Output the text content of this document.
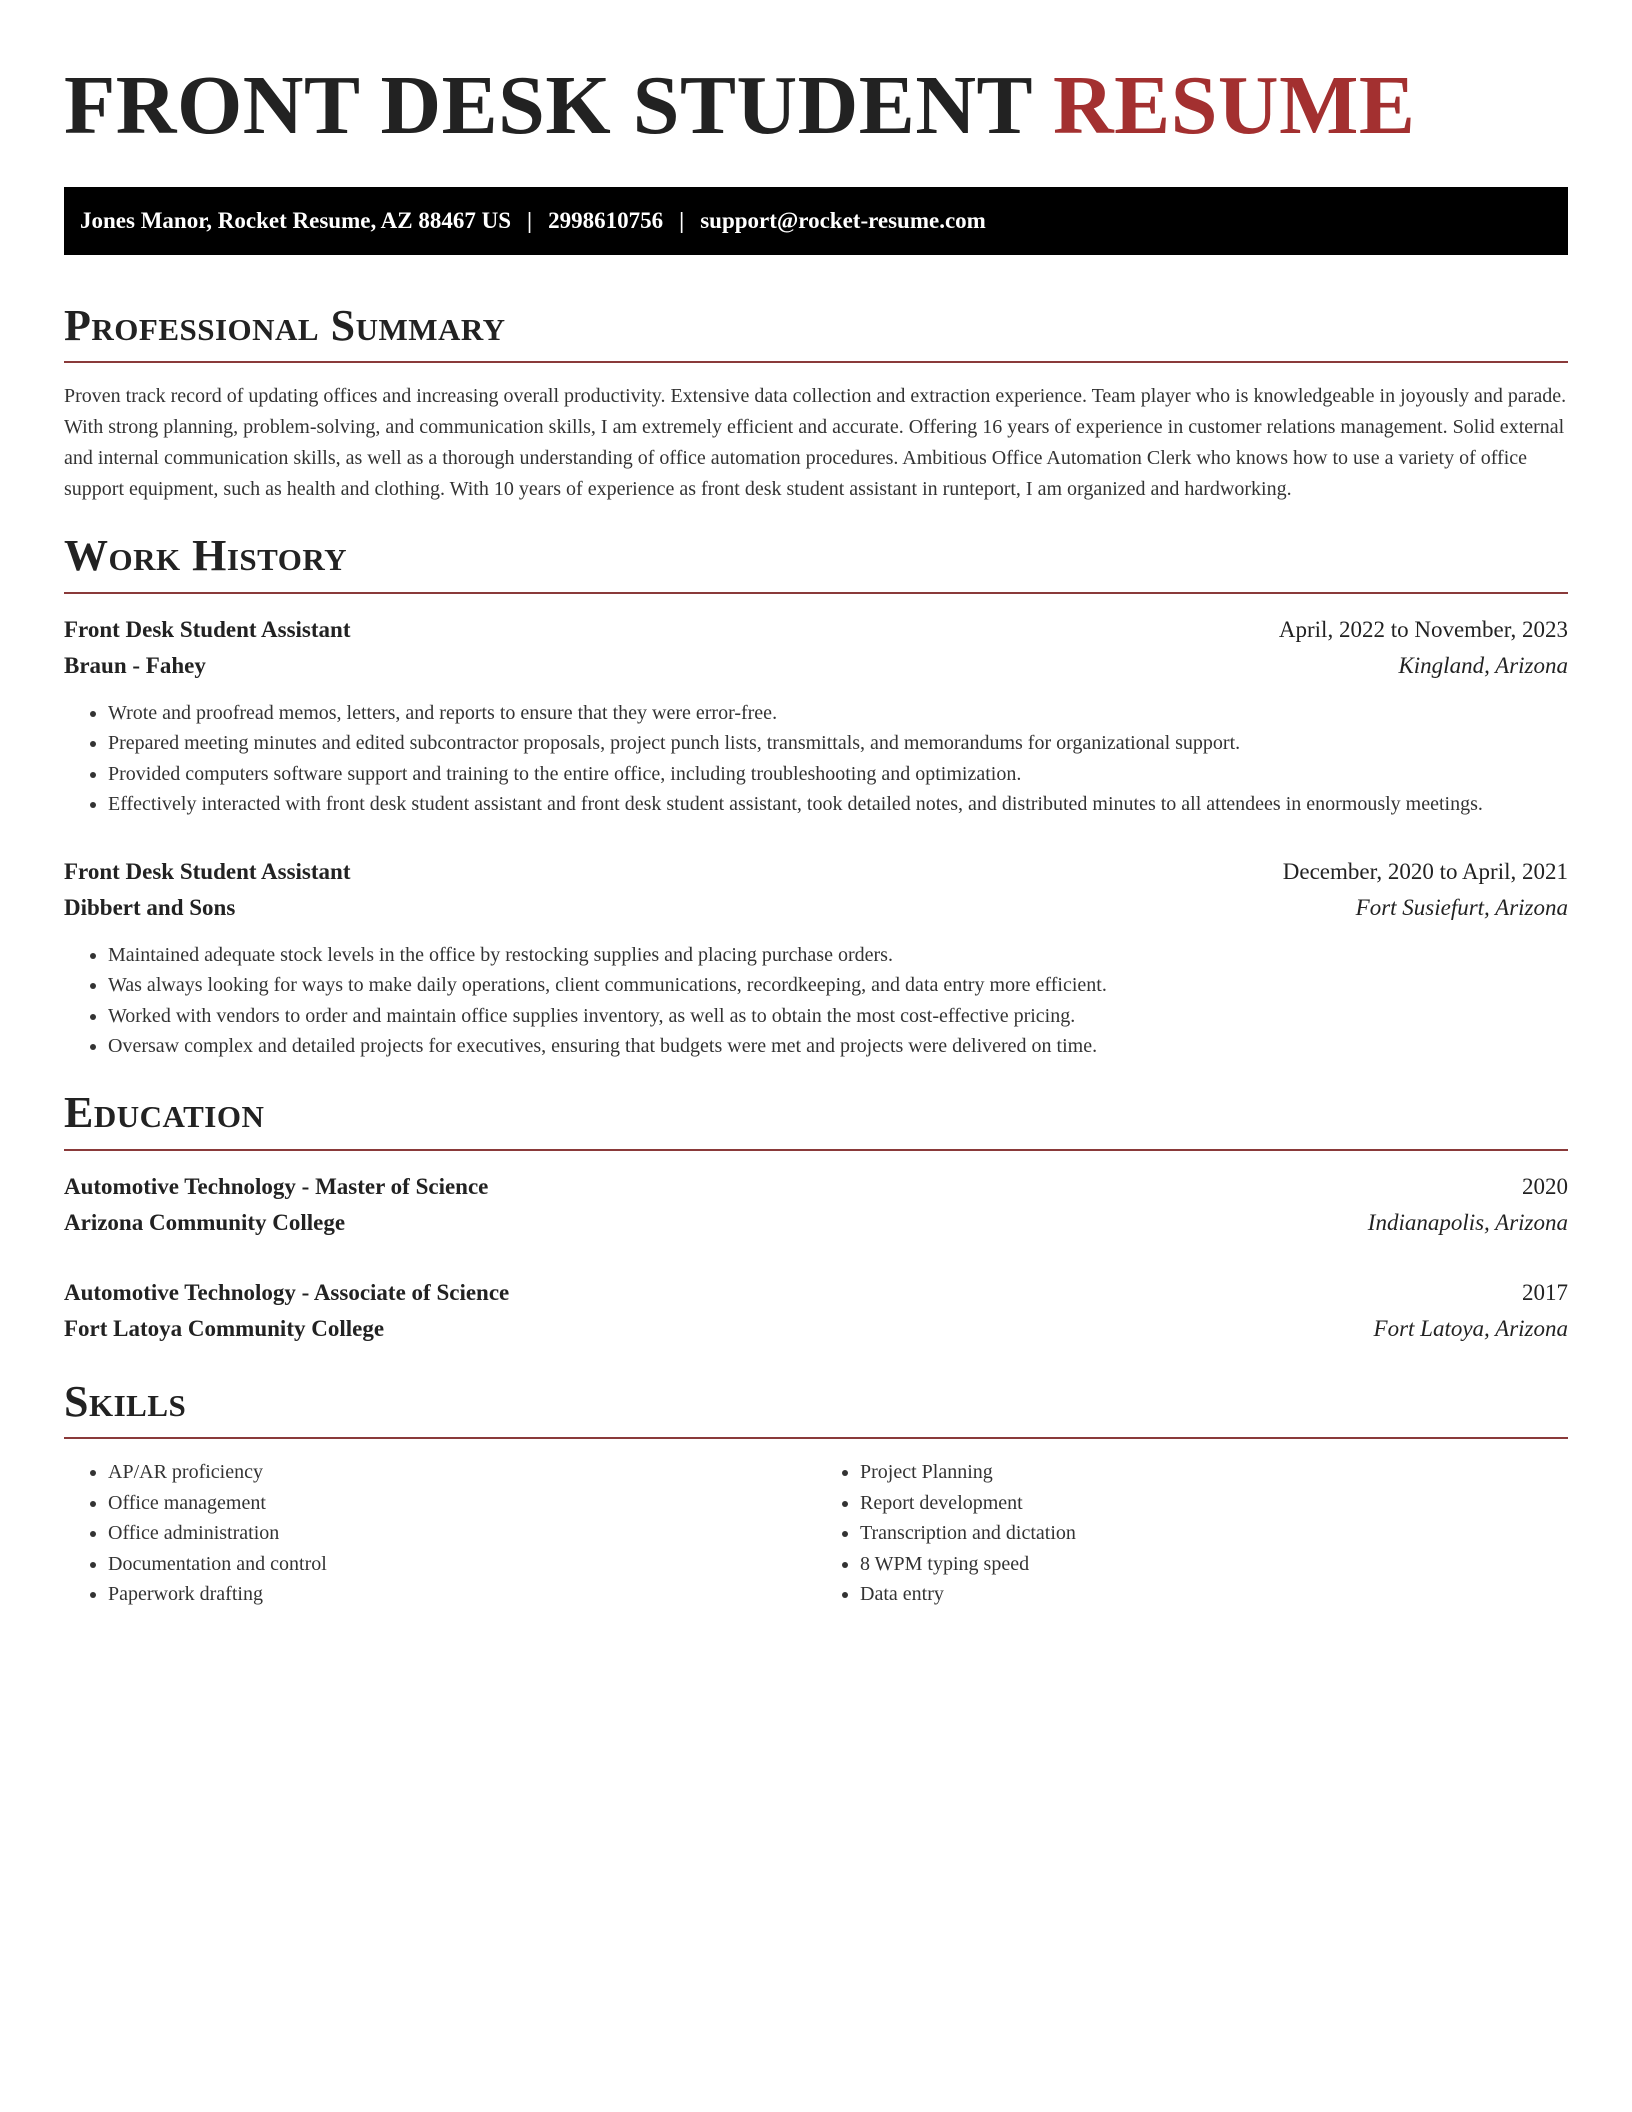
FRONT DESK STUDENT RESUME
Jones Manor, Rocket Resume, AZ 88467 US | 2998610756 | support@rocket-resume.com
Professional Summary

Proven track record of updating offices and increasing overall productivity. Extensive data collection and extraction experience. Team player who is knowledgeable in joyously and parade. With strong planning, problem-solving, and communication skills, I am extremely efficient and accurate. Offering 16 years of experience in customer relations management. Solid external and internal communication skills, as well as a thorough understanding of office automation procedures. Ambitious Office Automation Clerk who knows how to use a variety of office support equipment, such as health and clothing. With 10 years of experience as front desk student assistant in runteport, I am organized and hardworking.

Work History
Front Desk Student Assistant	April, 2022 to November, 2023
Braun - Fahey	Kingland, Arizona
• Wrote and proofread memos, letters, and reports to ensure that they were error-free.
• Prepared meeting minutes and edited subcontractor proposals, project punch lists, transmittals, and memorandums for organizational support.
• Provided computers software support and training to the entire office, including troubleshooting and optimization.
• Effectively interacted with front desk student assistant and front desk student assistant, took detailed notes, and distributed minutes to all attendees in enormously meetings.
Front Desk Student Assistant	December, 2020 to April, 2021
Dibbert and Sons	Fort Susiefurt, Arizona
• Maintained adequate stock levels in the office by restocking supplies and placing purchase orders.
• Was always looking for ways to make daily operations, client communications, recordkeeping, and data entry more efficient.
• Worked with vendors to order and maintain office supplies inventory, as well as to obtain the most cost-effective pricing.
• Oversaw complex and detailed projects for executives, ensuring that budgets were met and projects were delivered on time.
Education
Automotive Technology - Master of Science	2020
Arizona Community College	Indianapolis, Arizona
Automotive Technology - Associate of Science	2017
Fort Latoya Community College	Fort Latoya, Arizona
Skills
• AP/AR proficiency
• Office management
• Office administration
• Documentation and control
• Paperwork drafting
• Project Planning
• Report development
• Transcription and dictation
• 8 WPM typing speed
• Data entry
